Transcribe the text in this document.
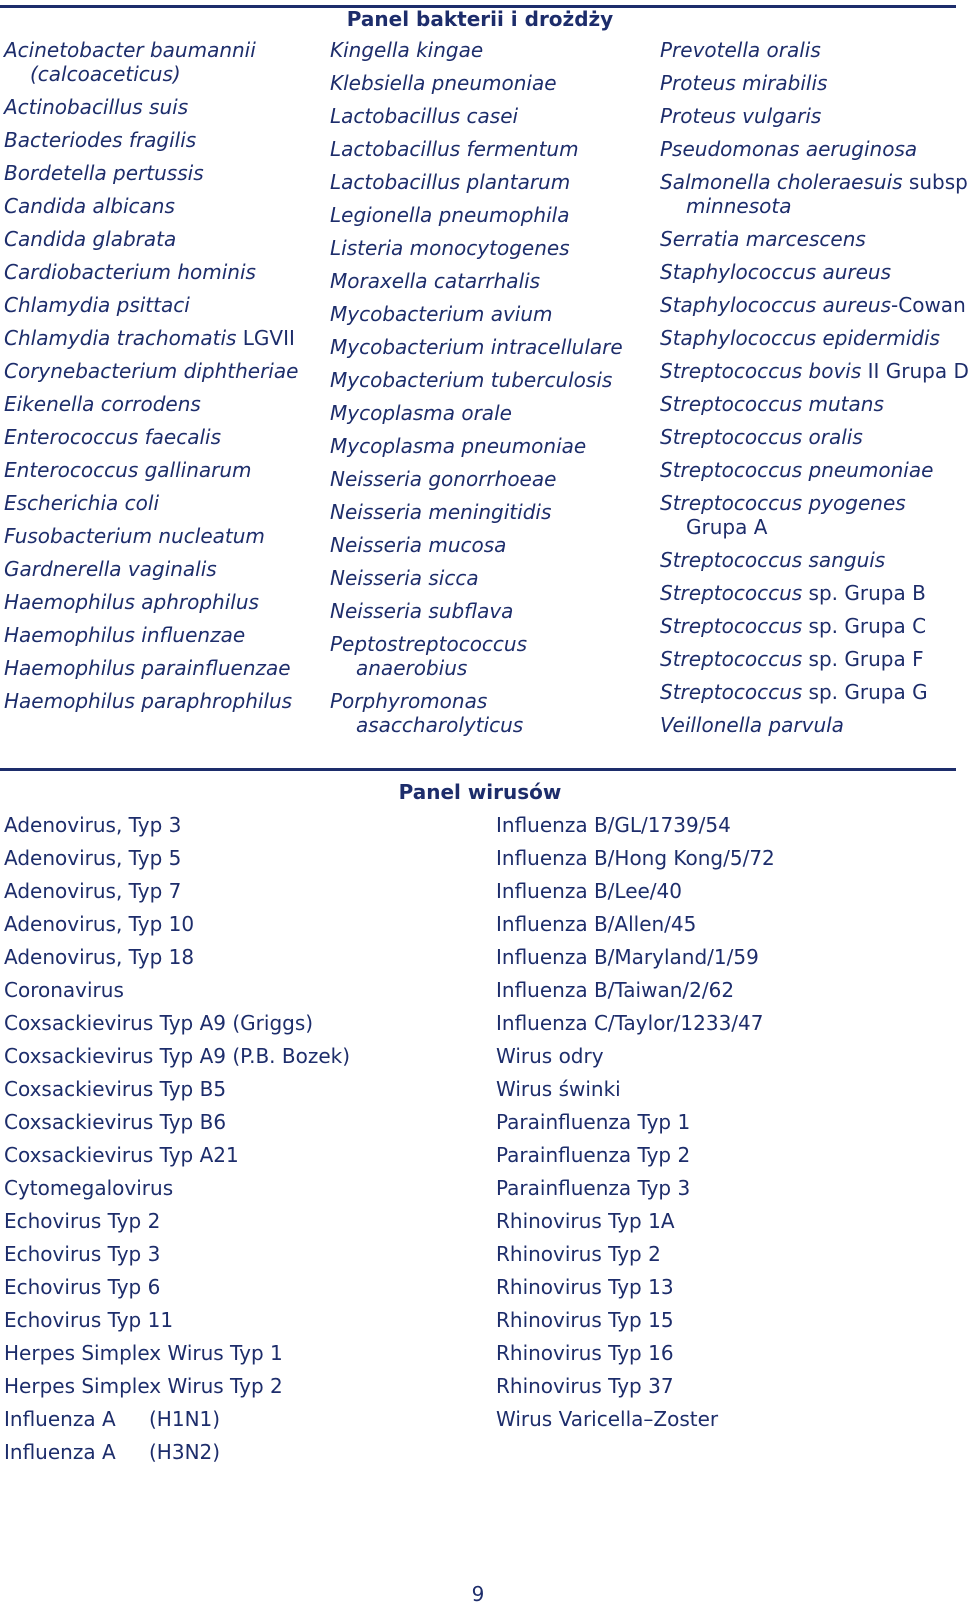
Panel bakterii i drożdży
Acinetobacter baumannii
(calcoaceticus)
Actinobacillus suis
Bacteriodes fragilis
Bordetella pertussis
Candida albicans
Candida glabrata
Cardiobacterium hominis
Chlamydia psittaci
Chlamydia trachomatis LGVII
Corynebacterium diphtheriae
Eikenella corrodens
Enterococcus faecalis
Enterococcus gallinarum
Escherichia coli
Fusobacterium nucleatum
Gardnerella vaginalis
Haemophilus aphrophilus
Haemophilus influenzae
Haemophilus parainfluenzae
Haemophilus paraphrophilus
Kingella kingae
Klebsiella pneumoniae
Lactobacillus casei
Lactobacillus fermentum
Lactobacillus plantarum
Legionella pneumophila
Listeria monocytogenes
Moraxella catarrhalis
Mycobacterium avium
Mycobacterium intracellulare
Mycobacterium tuberculosis
Mycoplasma orale
Mycoplasma pneumoniae
Neisseria gonorrhoeae
Neisseria meningitidis
Neisseria mucosa
Neisseria sicca
Neisseria subflava
Peptostreptococcus
anaerobius
Porphyromonas
asaccharolyticus
Prevotella oralis
Proteus mirabilis
Proteus vulgaris
Pseudomonas aeruginosa
Salmonella choleraesuis subsp
minnesota
Serratia marcescens
Staphylococcus aureus
Staphylococcus aureus-Cowan
Staphylococcus epidermidis
Streptococcus bovis II Grupa D
Streptococcus mutans
Streptococcus oralis
Streptococcus pneumoniae
Streptococcus pyogenes
Grupa A
Streptococcus sanguis
Streptococcus sp. Grupa B
Streptococcus sp. Grupa C
Streptococcus sp. Grupa F
Streptococcus sp. Grupa G
Veillonella parvula
Panel wirusów
Adenovirus, Typ 3
Adenovirus, Typ 5
Adenovirus, Typ 7
Adenovirus, Typ 10
Adenovirus, Typ 18
Coronavirus
Coxsackievirus Typ A9 (Griggs)
Coxsackievirus Typ A9 (P.B. Bozek)
Coxsackievirus Typ B5
Coxsackievirus Typ B6
Coxsackievirus Typ A21
Cytomegalovirus
Echovirus Typ 2
Echovirus Typ 3
Echovirus Typ 6
Echovirus Typ 11
Herpes Simplex Wirus Typ 1
Herpes Simplex Wirus Typ 2
Influenza A (H1N1)
Influenza A (H3N2)
Influenza B/GL/1739/54
Influenza B/Hong Kong/5/72
Influenza B/Lee/40
Influenza B/Allen/45
Influenza B/Maryland/1/59
Influenza B/Taiwan/2/62
Influenza C/Taylor/1233/47
Wirus odry
Wirus świnki
Parainfluenza Typ 1
Parainfluenza Typ 2
Parainfluenza Typ 3
Rhinovirus Typ 1A
Rhinovirus Typ 2
Rhinovirus Typ 13
Rhinovirus Typ 15
Rhinovirus Typ 16
Rhinovirus Typ 37
Wirus Varicella–Zoster
9
